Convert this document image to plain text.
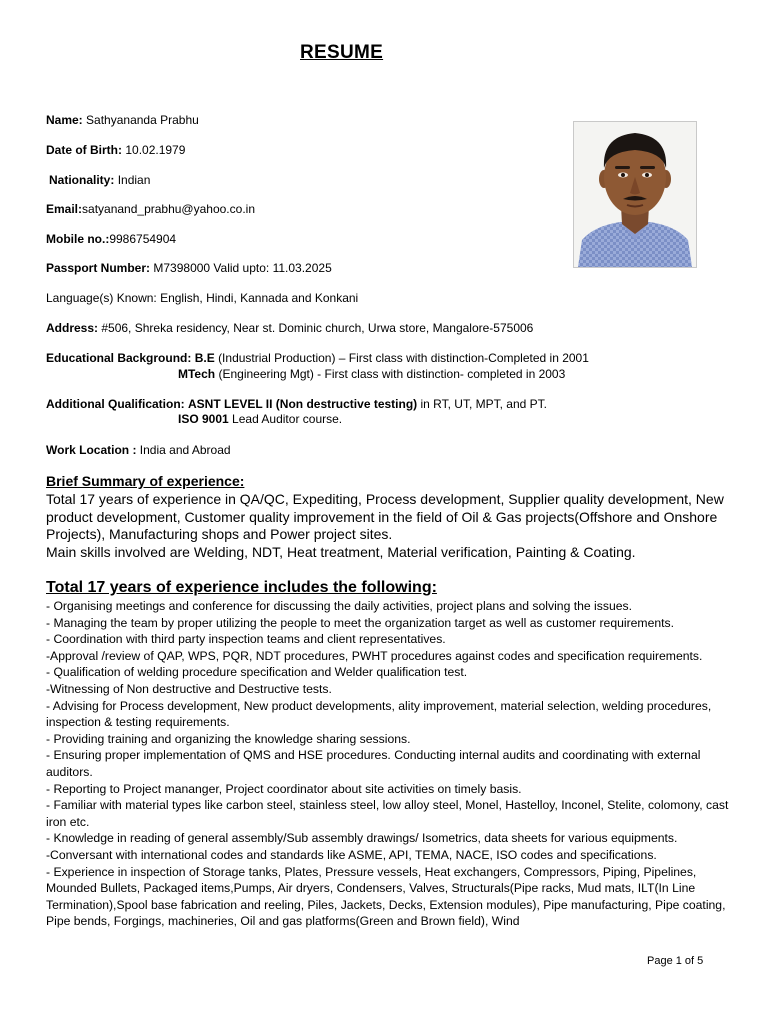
RESUME
Name: Sathyananda Prabhu
Date of Birth: 10.02.1979
Nationality: Indian
Email:satyanand_prabhu@yahoo.co.in
Mobile no.:9986754904
Passport Number: M7398000 Valid upto: 11.03.2025
Language(s) Known: English, Hindi, Kannada and Konkani
Address: #506, Shreka residency, Near st. Dominic church, Urwa store, Mangalore-575006
Educational Background: B.E (Industrial Production) – First class with distinction-Completed in 2001
MTech (Engineering Mgt) - First class with distinction- completed in 2003
Additional Qualification: ASNT LEVEL II (Non destructive testing) in RT, UT, MPT, and PT.
ISO 9001 Lead Auditor course.
Work Location : India and Abroad
Brief Summary of experience:
Total 17 years of experience in QA/QC, Expediting, Process development, Supplier quality development, New product development, Customer quality improvement in the field of Oil & Gas projects(Offshore and Onshore Projects), Manufacturing shops and Power project sites.
Main skills involved are Welding, NDT, Heat treatment, Material verification, Painting & Coating.
Total 17 years of experience includes the following:
- Organising meetings and conference for discussing the daily activities, project plans and solving the issues.
- Managing the team by proper utilizing the people to meet the organization target as well as customer requirements.
- Coordination with third party inspection teams and client representatives.
-Approval /review of QAP, WPS, PQR, NDT procedures, PWHT procedures against codes and specification requirements.
- Qualification of welding procedure specification and Welder qualification test.
-Witnessing of Non destructive and Destructive tests.
- Advising for Process development, New product developments, ality improvement, material selection, welding procedures, inspection & testing requirements.
- Providing training and organizing the knowledge sharing sessions.
- Ensuring proper implementation of QMS and HSE procedures. Conducting internal audits and coordinating with external auditors.
- Reporting to Project mananger, Project coordinator about site activities on timely basis.
- Familiar with material types like carbon steel, stainless steel, low alloy steel, Monel, Hastelloy, Inconel, Stelite, colomony, cast iron etc.
- Knowledge in reading of general assembly/Sub assembly drawings/ Isometrics, data sheets for various equipments.
-Conversant with international codes and standards like ASME, API, TEMA, NACE, ISO codes and specifications.
- Experience in inspection of Storage tanks, Plates, Pressure vessels, Heat exchangers, Compressors, Piping, Pipelines, Mounded Bullets, Packaged items,Pumps, Air dryers, Condensers, Valves, Structurals(Pipe racks, Mud mats, ILT(In Line Termination),Spool base fabrication and reeling, Piles, Jackets, Decks, Extension modules), Pipe manufacturing, Pipe coating, Pipe bends, Forgings, machineries, Oil and gas platforms(Green and Brown field), Wind
Page 1 of 5
